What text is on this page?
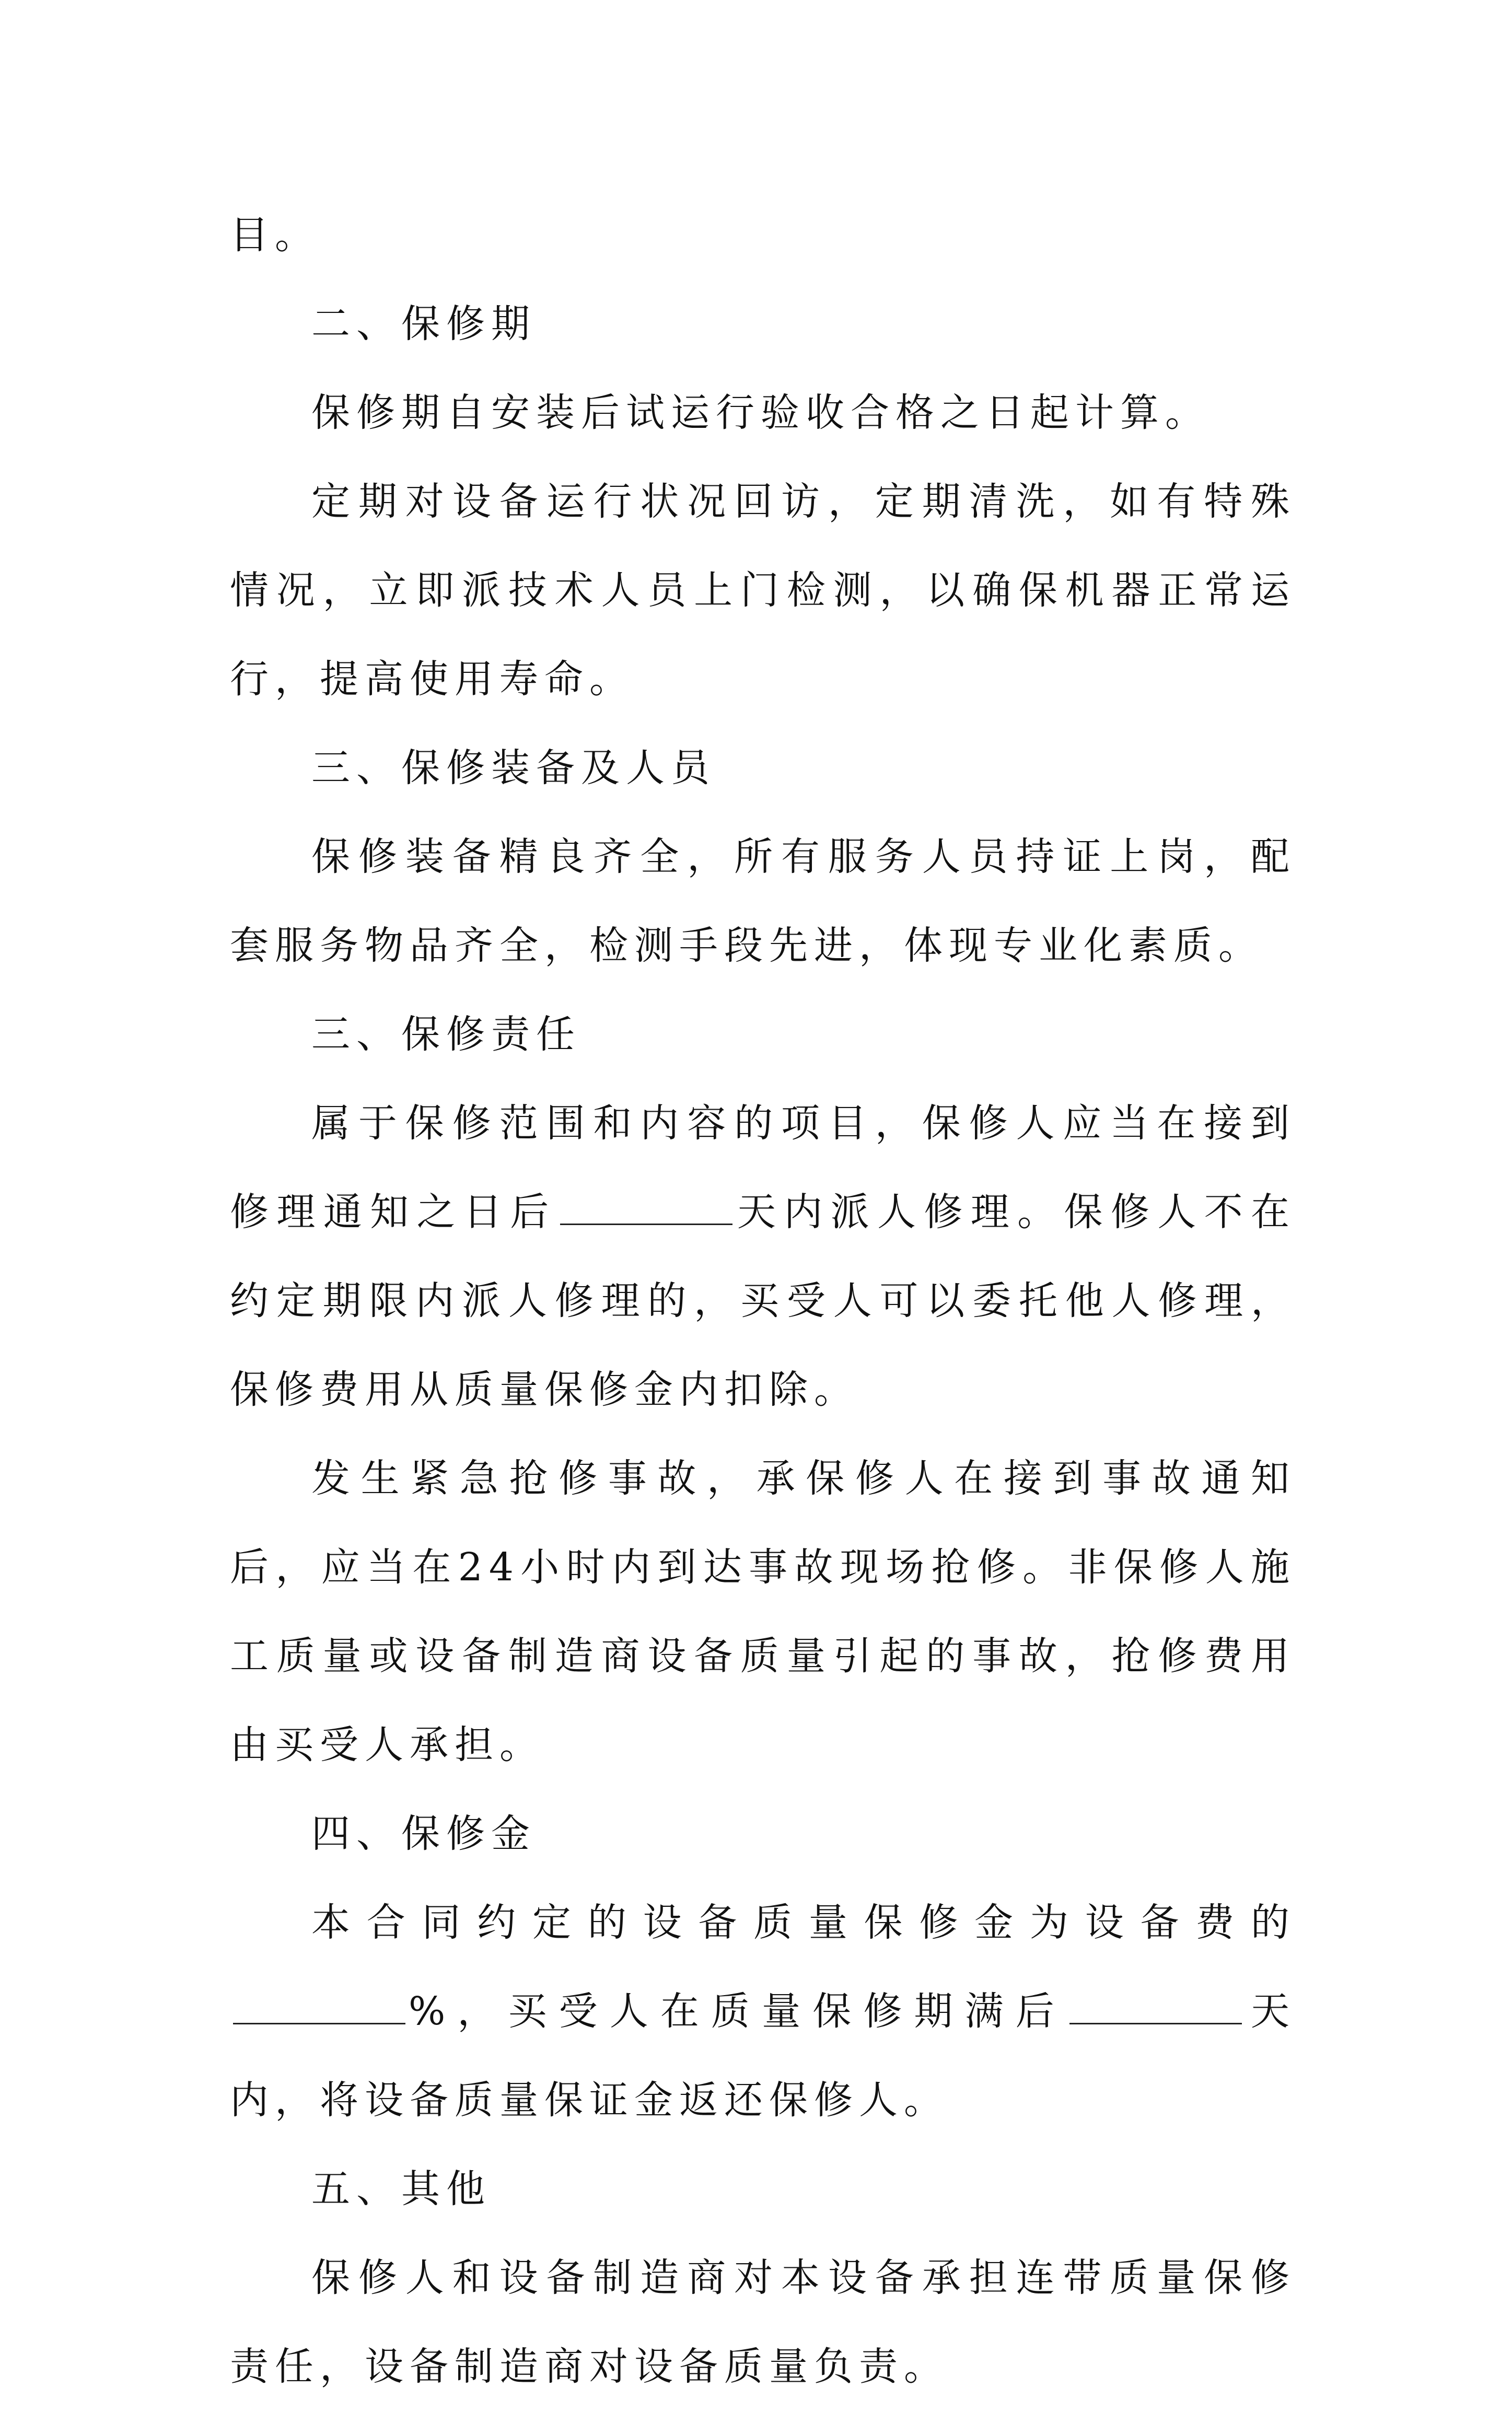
目。

二、保修期

保修期自安装后试运行验收合格之日起计算。

定期对设备运行状况回访，定期清洗，如有特殊情况，立即派技术人员上门检测，以确保机器正常运行，提高使用寿命。

三、保修装备及人员

保修装备精良齐全，所有服务人员持证上岗，配套服务物品齐全，检测手段先进，体现专业化素质。

三、保修责任

属于保修范围和内容的项目，保修人应当在接到修理通知之日后	天内派人修理。保修人不在约定期限内派人修理的，买受人可以委托他人修理，保修费用从质量保修金内扣除。

发生紧急抢修事故，承保修人在接到事故通知后，应当在24小时内到达事故现场抢修。非保修人施工质量或设备制造商设备质量引起的事故，抢修费用由买受人承担。

四、保修金

本合同约定的设备质量保修金为设备费的%，买受人在质量保修期满后	天内，将设备质量保证金返还保修人。

五、其他

保修人和设备制造商对本设备承担连带质量保修责任，设备制造商对设备质量负责。
